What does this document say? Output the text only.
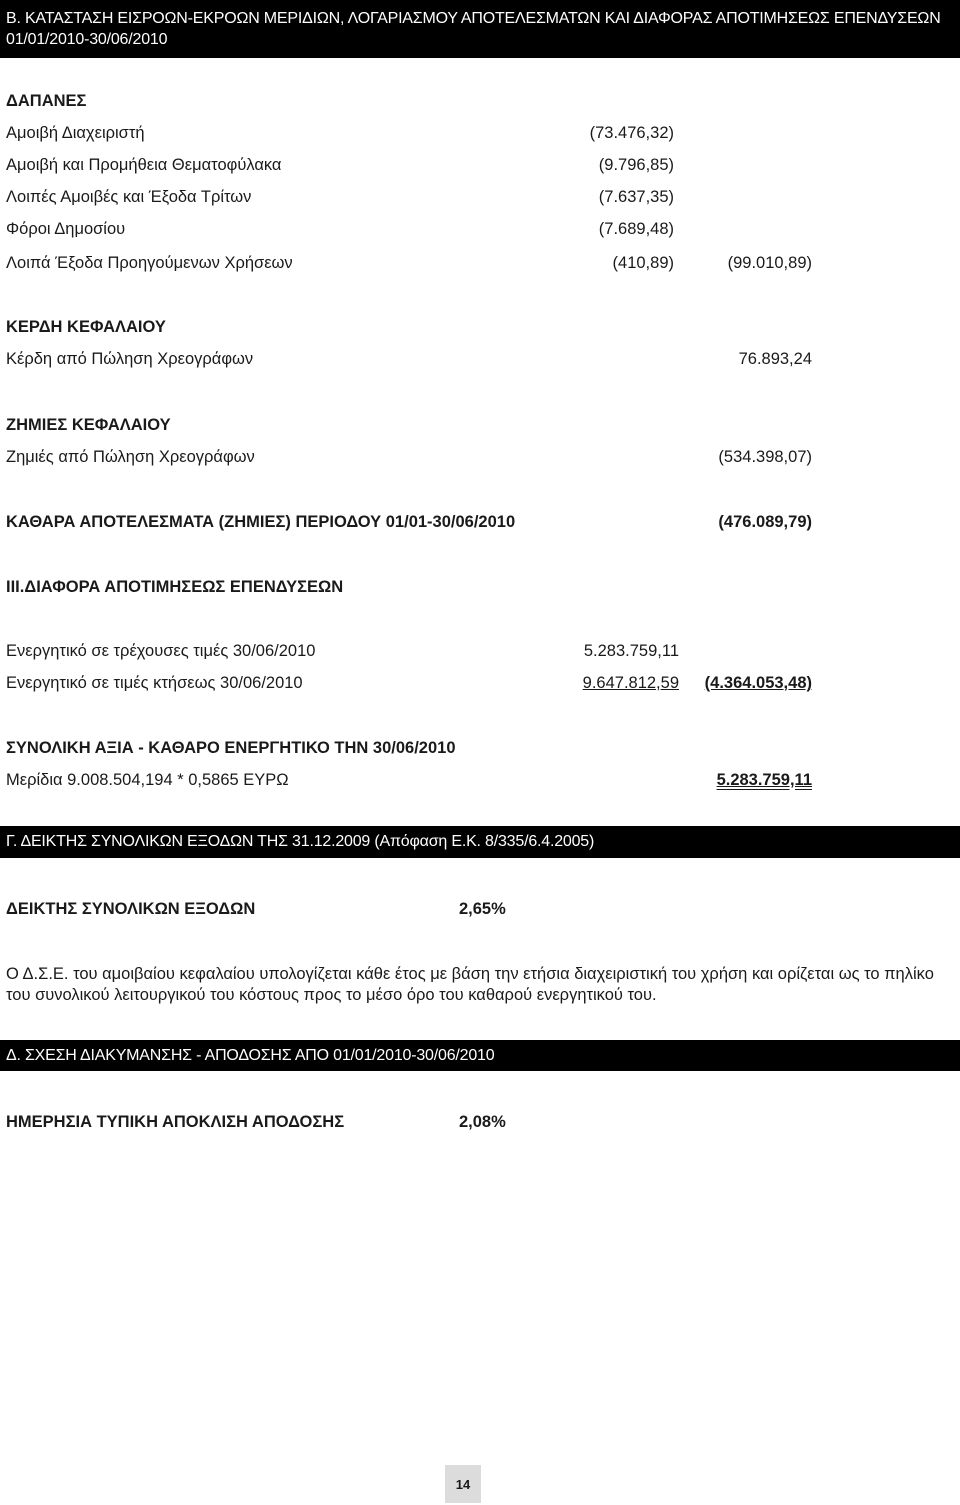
Β. ΚΑΤΑΣΤΑΣΗ ΕΙΣΡΟΩΝ-ΕΚΡΟΩΝ ΜΕΡΙΔΙΩΝ, ΛΟΓΑΡΙΑΣΜΟΥ ΑΠΟΤΕΛΕΣΜΑΤΩΝ ΚΑΙ ΔΙΑΦΟΡΑΣ ΑΠΟΤΙΜΗΣΕΩΣ ΕΠΕΝΔΥΣΕΩΝ
01/01/2010-30/06/2010
ΔΑΠΑΝΕΣ
Αμοιβή Διαχειριστή	(73.476,32)
Αμοιβή και Προμήθεια Θεματοφύλακα	(9.796,85)
Λοιπές Αμοιβές και Έξοδα Τρίτων	(7.637,35)
Φόροι Δημοσίου	(7.689,48)
Λοιπά Έξοδα Προηγούμενων Χρήσεων	(410,89)	(99.010,89)
ΚΕΡΔΗ ΚΕΦΑΛΑΙΟΥ
Κέρδη από Πώληση Χρεογράφων	76.893,24
ΖΗΜΙΕΣ ΚΕΦΑΛΑΙΟΥ
Ζημιές από Πώληση Χρεογράφων	(534.398,07)
ΚΑΘΑΡΑ ΑΠΟΤΕΛΕΣΜΑΤΑ (ΖΗΜΙΕΣ) ΠΕΡΙΟΔΟΥ 01/01-30/06/2010	(476.089,79)
ΙΙΙ.ΔΙΑΦΟΡΑ ΑΠΟΤΙΜΗΣΕΩΣ ΕΠΕΝΔΥΣΕΩΝ
Ενεργητικό σε τρέχουσες τιμές 30/06/2010	5.283.759,11
Ενεργητικό σε τιμές κτήσεως 30/06/2010	9.647.812,59 (4.364.053,48)
ΣΥΝΟΛΙΚΗ ΑΞΙΑ - ΚΑΘΑΡΟ ΕΝΕΡΓΗΤΙΚΟ ΤΗΝ 30/06/2010
Μερίδια 9.008.504,194 * 0,5865 ΕΥΡΩ	5.283.759,11
Γ. ΔΕΙΚΤΗΣ ΣΥΝΟΛΙΚΩΝ ΕΞΟΔΩΝ ΤΗΣ 31.12.2009 (Απόφαση Ε.Κ. 8/335/6.4.2005)
ΔΕΙΚΤΗΣ ΣΥΝΟΛΙΚΩΝ ΕΞΟΔΩΝ	2,65%
Ο Δ.Σ.Ε. του αμοιβαίου κεφαλαίου υπολογίζεται κάθε έτος με βάση την ετήσια διαχειριστική του χρήση και ορίζεται ως το πηλίκο του συνολικού λειτουργικού του κόστους προς το μέσο όρο του καθαρού ενεργητικού του.
Δ. ΣΧΕΣΗ ΔΙΑΚΥΜΑΝΣΗΣ - ΑΠΟΔΟΣΗΣ ΑΠΟ 01/01/2010-30/06/2010
ΗΜΕΡΗΣΙΑ ΤΥΠΙΚΗ ΑΠΟΚΛΙΣΗ ΑΠΟΔΟΣΗΣ	2,08%
14
